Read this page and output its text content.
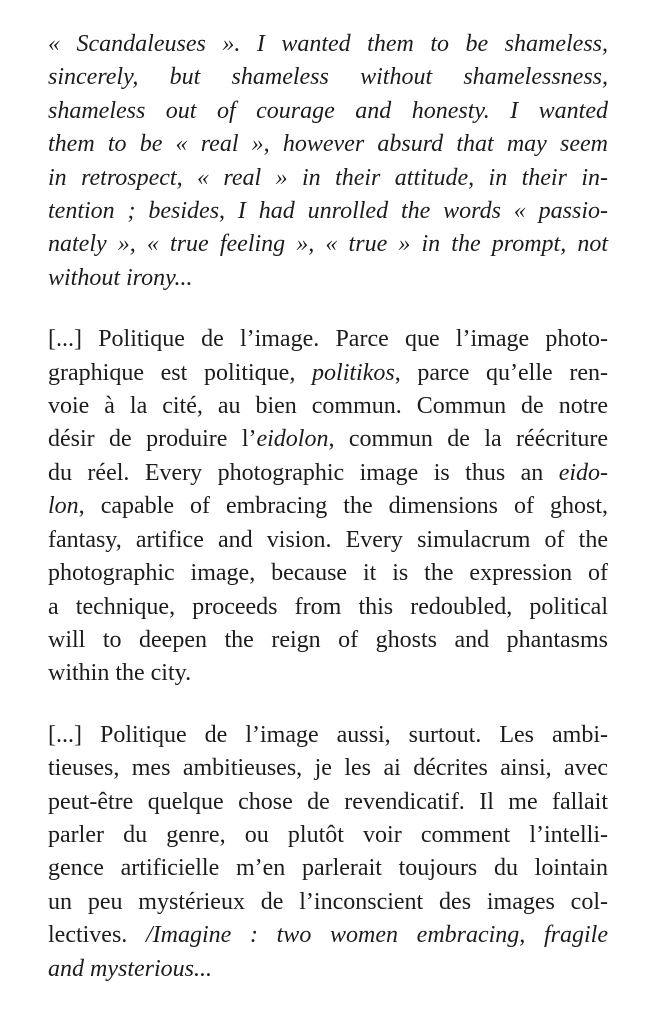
« Scandaleuses ». I wanted them to be shameless,
sincerely, but shameless without shamelessness,
shameless out of courage and honesty. I wanted
them to be « real », however absurd that may seem
in retrospect, « real » in their attitude, in their in-
tention ; besides, I had unrolled the words « passio-
nately », « true feeling », « true » in the prompt, not
without irony...

[...] Politique de l’image. Parce que l’image photo-
graphique est politique, politikos, parce qu’elle ren-
voie à la cité, au bien commun. Commun de notre
désir de produire l’eidolon, commun de la réécriture
du réel. Every photographic image is thus an eido-
lon, capable of embracing the dimensions of ghost,
fantasy, artifice and vision. Every simulacrum of the
photographic image, because it is the expression of
a technique, proceeds from this redoubled, political
will to deepen the reign of ghosts and phantasms
within the city.

[...] Politique de l’image aussi, surtout. Les ambi-
tieuses, mes ambitieuses, je les ai décrites ainsi, avec
peut-être quelque chose de revendicatif. Il me fallait
parler du genre, ou plutôt voir comment l’intelli-
gence artificielle m’en parlerait toujours du lointain
un peu mystérieux de l’inconscient des images col-
lectives. /Imagine : two women embracing, fragile
and mysterious...
